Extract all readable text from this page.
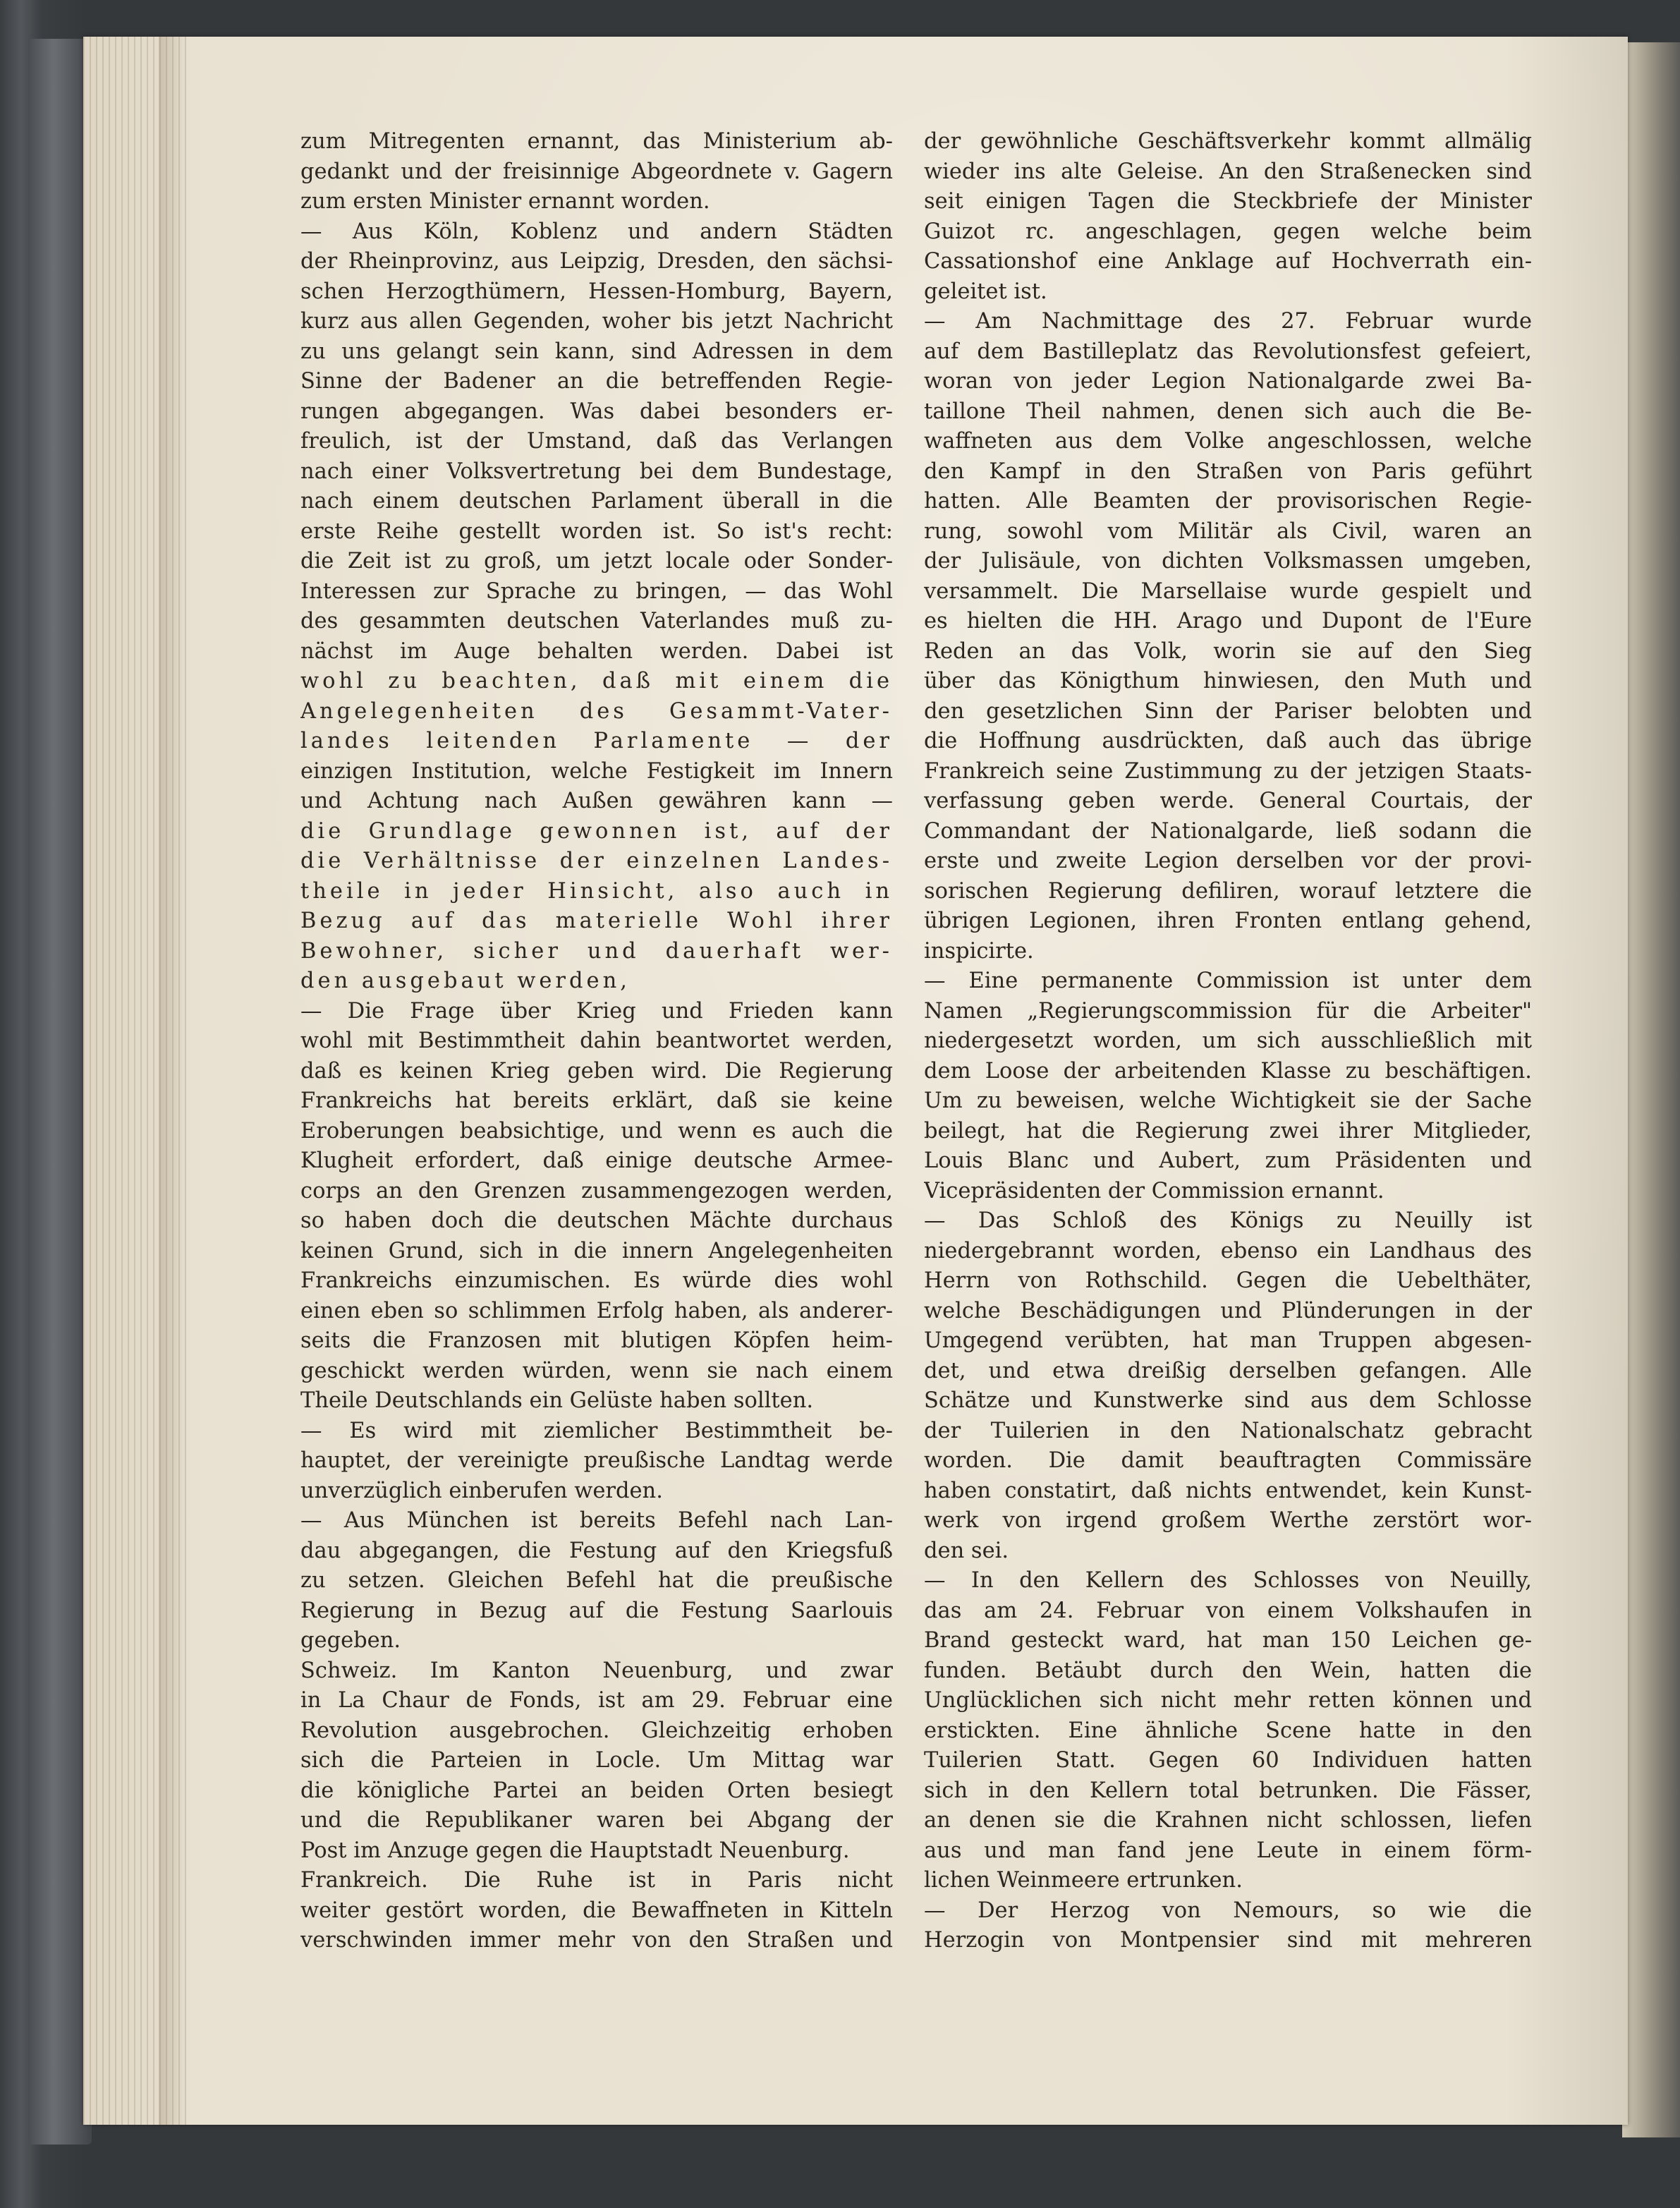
zum Mitregenten ernannt, das Ministerium ab-
gedankt und der freisinnige Abgeordnete v. Gagern
zum ersten Minister ernannt worden.
— Aus Köln, Koblenz und andern Städten
der Rheinprovinz, aus Leipzig, Dresden, den sächsi-
schen Herzogthümern, Hessen-Homburg, Bayern,
kurz aus allen Gegenden, woher bis jetzt Nachricht
zu uns gelangt sein kann, sind Adressen in dem
Sinne der Badener an die betreffenden Regie-
rungen abgegangen. Was dabei besonders er-
freulich, ist der Umstand, daß das Verlangen
nach einer Volksvertretung bei dem Bundestage,
nach einem deutschen Parlament überall in die
erste Reihe gestellt worden ist. So ist's recht:
die Zeit ist zu groß, um jetzt locale oder Sonder-
Interessen zur Sprache zu bringen, — das Wohl
des gesammten deutschen Vaterlandes muß zu-
nächst im Auge behalten werden. Dabei ist
wohl zu beachten, daß mit einem die
Angelegenheiten des Gesammt-Vater-
landes leitenden Parlamente — der
einzigen Institution, welche Festigkeit im Innern
und Achtung nach Außen gewähren kann —
die Grundlage gewonnen ist, auf der
die Verhältnisse der einzelnen Landes-
theile in jeder Hinsicht, also auch in
Bezug auf das materielle Wohl ihrer
Bewohner, sicher und dauerhaft wer-
den ausgebaut werden,
— Die Frage über Krieg und Frieden kann
wohl mit Bestimmtheit dahin beantwortet werden,
daß es keinen Krieg geben wird. Die Regierung
Frankreichs hat bereits erklärt, daß sie keine
Eroberungen beabsichtige, und wenn es auch die
Klugheit erfordert, daß einige deutsche Armee-
corps an den Grenzen zusammengezogen werden,
so haben doch die deutschen Mächte durchaus
keinen Grund, sich in die innern Angelegenheiten
Frankreichs einzumischen. Es würde dies wohl
einen eben so schlimmen Erfolg haben, als anderer-
seits die Franzosen mit blutigen Köpfen heim-
geschickt werden würden, wenn sie nach einem
Theile Deutschlands ein Gelüste haben sollten.
— Es wird mit ziemlicher Bestimmtheit be-
hauptet, der vereinigte preußische Landtag werde
unverzüglich einberufen werden.
— Aus München ist bereits Befehl nach Lan-
dau abgegangen, die Festung auf den Kriegsfuß
zu setzen. Gleichen Befehl hat die preußische
Regierung in Bezug auf die Festung Saarlouis
gegeben.
Schweiz. Im Kanton Neuenburg, und zwar
in La Chaur de Fonds, ist am 29. Februar eine
Revolution ausgebrochen. Gleichzeitig erhoben
sich die Parteien in Locle. Um Mittag war
die königliche Partei an beiden Orten besiegt
und die Republikaner waren bei Abgang der
Post im Anzuge gegen die Hauptstadt Neuenburg.
Frankreich. Die Ruhe ist in Paris nicht
weiter gestört worden, die Bewaffneten in Kitteln
verschwinden immer mehr von den Straßen und
der gewöhnliche Geschäftsverkehr kommt allmälig
wieder ins alte Geleise. An den Straßenecken sind
seit einigen Tagen die Steckbriefe der Minister
Guizot rc. angeschlagen, gegen welche beim
Cassationshof eine Anklage auf Hochverrath ein-
geleitet ist.
— Am Nachmittage des 27. Februar wurde
auf dem Bastilleplatz das Revolutionsfest gefeiert,
woran von jeder Legion Nationalgarde zwei Ba-
taillone Theil nahmen, denen sich auch die Be-
waffneten aus dem Volke angeschlossen, welche
den Kampf in den Straßen von Paris geführt
hatten. Alle Beamten der provisorischen Regie-
rung, sowohl vom Militär als Civil, waren an
der Julisäule, von dichten Volksmassen umgeben,
versammelt. Die Marsellaise wurde gespielt und
es hielten die HH. Arago und Dupont de l'Eure
Reden an das Volk, worin sie auf den Sieg
über das Königthum hinwiesen, den Muth und
den gesetzlichen Sinn der Pariser belobten und
die Hoffnung ausdrückten, daß auch das übrige
Frankreich seine Zustimmung zu der jetzigen Staats-
verfassung geben werde. General Courtais, der
Commandant der Nationalgarde, ließ sodann die
erste und zweite Legion derselben vor der provi-
sorischen Regierung defiliren, worauf letztere die
übrigen Legionen, ihren Fronten entlang gehend,
inspicirte.
— Eine permanente Commission ist unter dem
Namen „Regierungscommission für die Arbeiter"
niedergesetzt worden, um sich ausschließlich mit
dem Loose der arbeitenden Klasse zu beschäftigen.
Um zu beweisen, welche Wichtigkeit sie der Sache
beilegt, hat die Regierung zwei ihrer Mitglieder,
Louis Blanc und Aubert, zum Präsidenten und
Vicepräsidenten der Commission ernannt.
— Das Schloß des Königs zu Neuilly ist
niedergebrannt worden, ebenso ein Landhaus des
Herrn von Rothschild. Gegen die Uebelthäter,
welche Beschädigungen und Plünderungen in der
Umgegend verübten, hat man Truppen abgesen-
det, und etwa dreißig derselben gefangen. Alle
Schätze und Kunstwerke sind aus dem Schlosse
der Tuilerien in den Nationalschatz gebracht
worden. Die damit beauftragten Commissäre
haben constatirt, daß nichts entwendet, kein Kunst-
werk von irgend großem Werthe zerstört wor-
den sei.
— In den Kellern des Schlosses von Neuilly,
das am 24. Februar von einem Volkshaufen in
Brand gesteckt ward, hat man 150 Leichen ge-
funden. Betäubt durch den Wein, hatten die
Unglücklichen sich nicht mehr retten können und
erstickten. Eine ähnliche Scene hatte in den
Tuilerien Statt. Gegen 60 Individuen hatten
sich in den Kellern total betrunken. Die Fässer,
an denen sie die Krahnen nicht schlossen, liefen
aus und man fand jene Leute in einem förm-
lichen Weinmeere ertrunken.
— Der Herzog von Nemours, so wie die
Herzogin von Montpensier sind mit mehreren
